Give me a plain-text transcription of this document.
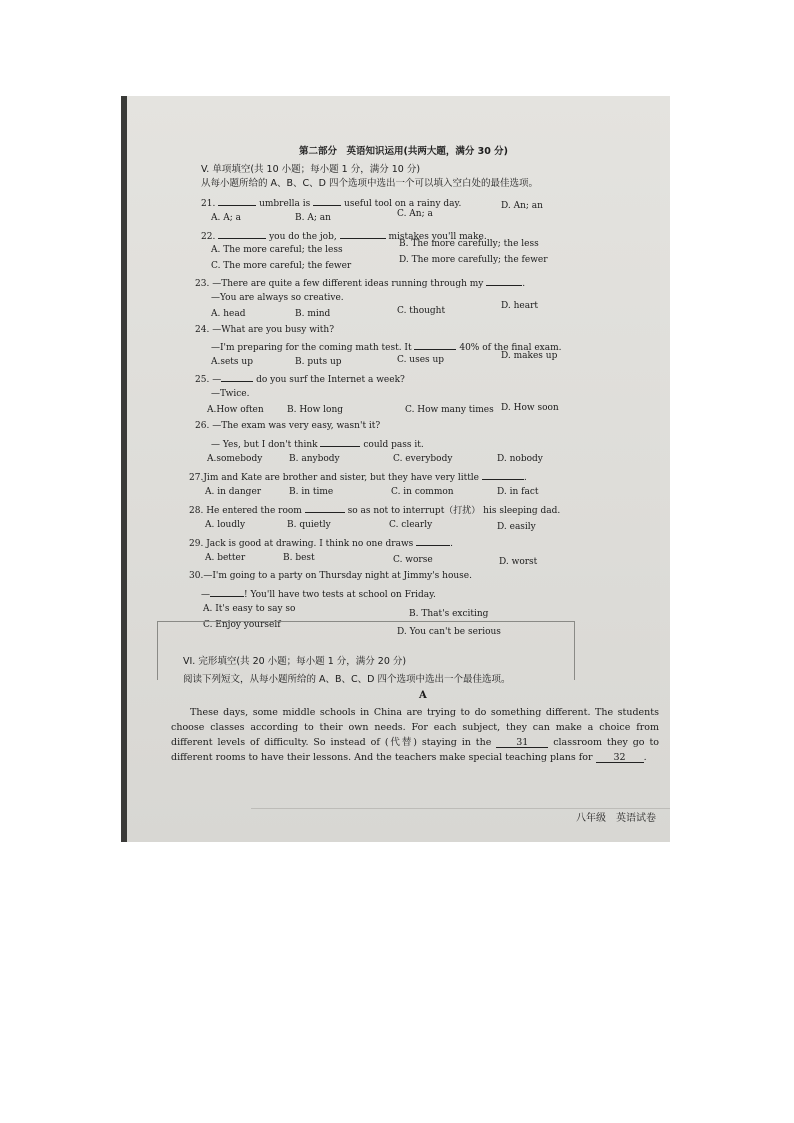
第二部分　英语知识运用(共两大题，满分 30 分)
V. 单项填空(共 10 小题；每小题 1 分，满分 10 分)
从每小题所给的 A、B、C、D 四个选项中选出一个可以填入空白处的最佳选项。
21.	umbrella is	useful tool on a rainy day.
A. A; a	B. A; an	C. An; a
D. An; an
22.	you do the job,	mistakes you'll make.
A. The more careful; the less
B. The more carefully; the less
C. The more careful; the fewer
D. The more carefully; the fewer
23. —There are quite a few different ideas running through my	.
—You are always so creative.
A. head	B. mind	C. thought	D. heart
24. —What are you busy with?
—I'm preparing for the coming math test. It	40% of the final exam.
A.sets up	B. puts up	C. uses up	D. makes up
25. —	do you surf the Internet a week?
—Twice.
A.How often	B. How long	C. How many times D. How soon
26. —The exam was very easy, wasn't it?
— Yes, but I don't think	could pass it.
A.somebody	B. anybody	C. everybody	D. nobody
27.Jim and Kate are brother and sister, but they have very little	.
A. in danger	B. in time	C. in common	D. in fact
28. He entered the room	so as not to interrupt（打扰） his sleeping dad.
A. loudly	B. quietly	C. clearly	D. easily
29. Jack is good at drawing. I think no one draws	.
A. better	B. best	C. worse	D. worst
30.—I'm going to a party on Thursday night at Jimmy's house.
—	! You'll have two tests at school on Friday.
A. It's easy to say so	B. That's exciting
C. Enjoy yourself
D. You can't be serious
VI. 完形填空(共 20 小题；每小题 1 分，满分 20 分)
阅读下列短文，从每小题所给的 A、B、C、D 四个选项中选出一个最佳选项。
A
  These days, some middle schools in China are trying to do something different. The students choose classes according to their own needs. For each subject, they can make a choice from different levels of difficulty. So instead of (代替) staying in the	31	classroom they go to different rooms to have their lessons. And the teachers make special teaching plans for 32 .
八年级　英语试卷
